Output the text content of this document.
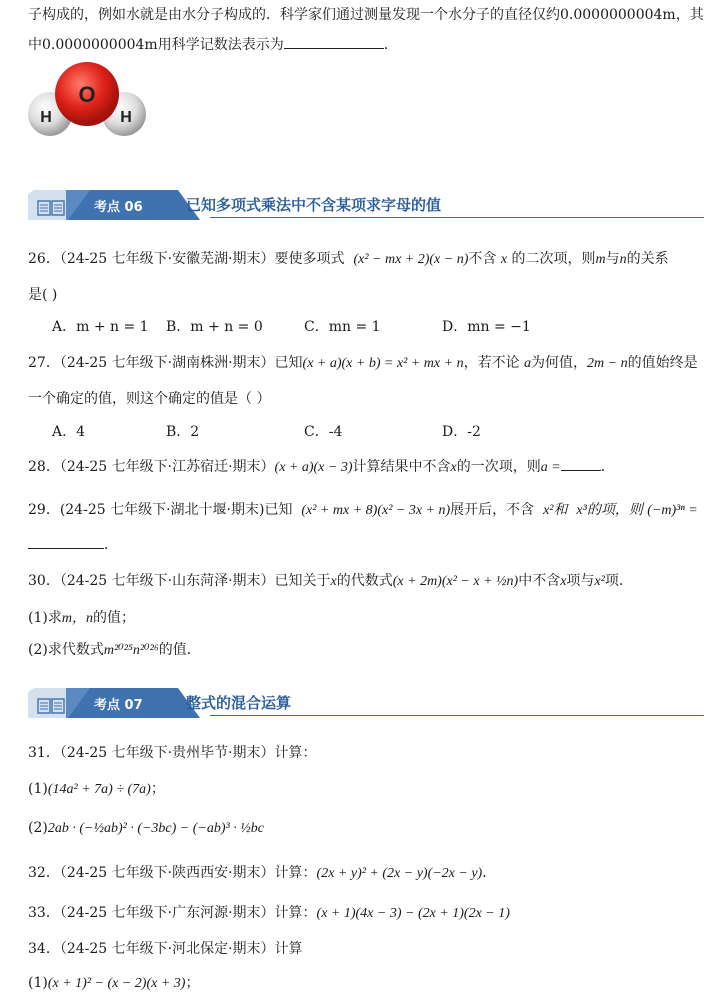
子构成的，例如水就是由水分子构成的．科学家们通过测量发现一个水分子的直径仅约0.0000000004m，其
中0.0000000004m用科学记数法表示为	．
O
H	H
考点 06	已知多项式乘法中不含某项求字母的值
26．（24-25 七年级下·安徽芜湖·期末）要使多项式 (x² − mx + 2)(x − n)不含 x 的二次项，则m与n的关系
是( )
A．m + n = 1 B．m + n = 0	C．mn = 1	D．mn = −1
27．（24-25 七年级下·湖南株洲·期末）已知(x + a)(x + b) = x² + mx + n，若不论 a为何值，2m − n的值始终是
一个确定的值，则这个确定的值是（ ）
A．4	B．2	C．-4	D．-2
28．（24-25 七年级下·江苏宿迁·期末）(x + a)(x − 3)计算结果中不含x的一次项，则a =	．
29．(24-25 七年级下·湖北十堰·期末)已知 (x² + mx + 8)(x² − 3x + n)展开后，不含 x²和 x³的项，则 (−m)³ⁿ =
．
30．（24-25 七年级下·山东菏泽·期末）已知关于x的代数式(x + 2m)(x² − x + ½n)中不含x项与x²项．
(1)求m，n的值；
(2)求代数式m²⁰²⁵n²⁰²⁶的值．
考点 07	整式的混合运算
31．（24-25 七年级下·贵州毕节·期末）计算：
(1)(14a² + 7a) ÷ (7a)；
(2)2ab · (−½ab)² · (−3bc) − (−ab)³ · ½bc
32．（24-25 七年级下·陕西西安·期末）计算：(2x + y)² + (2x − y)(−2x − y)．
33．（24-25 七年级下·广东河源·期末）计算：(x + 1)(4x − 3) − (2x + 1)(2x − 1)
34．（24-25 七年级下·河北保定·期末）计算
(1)(x + 1)² − (x − 2)(x + 3)；
